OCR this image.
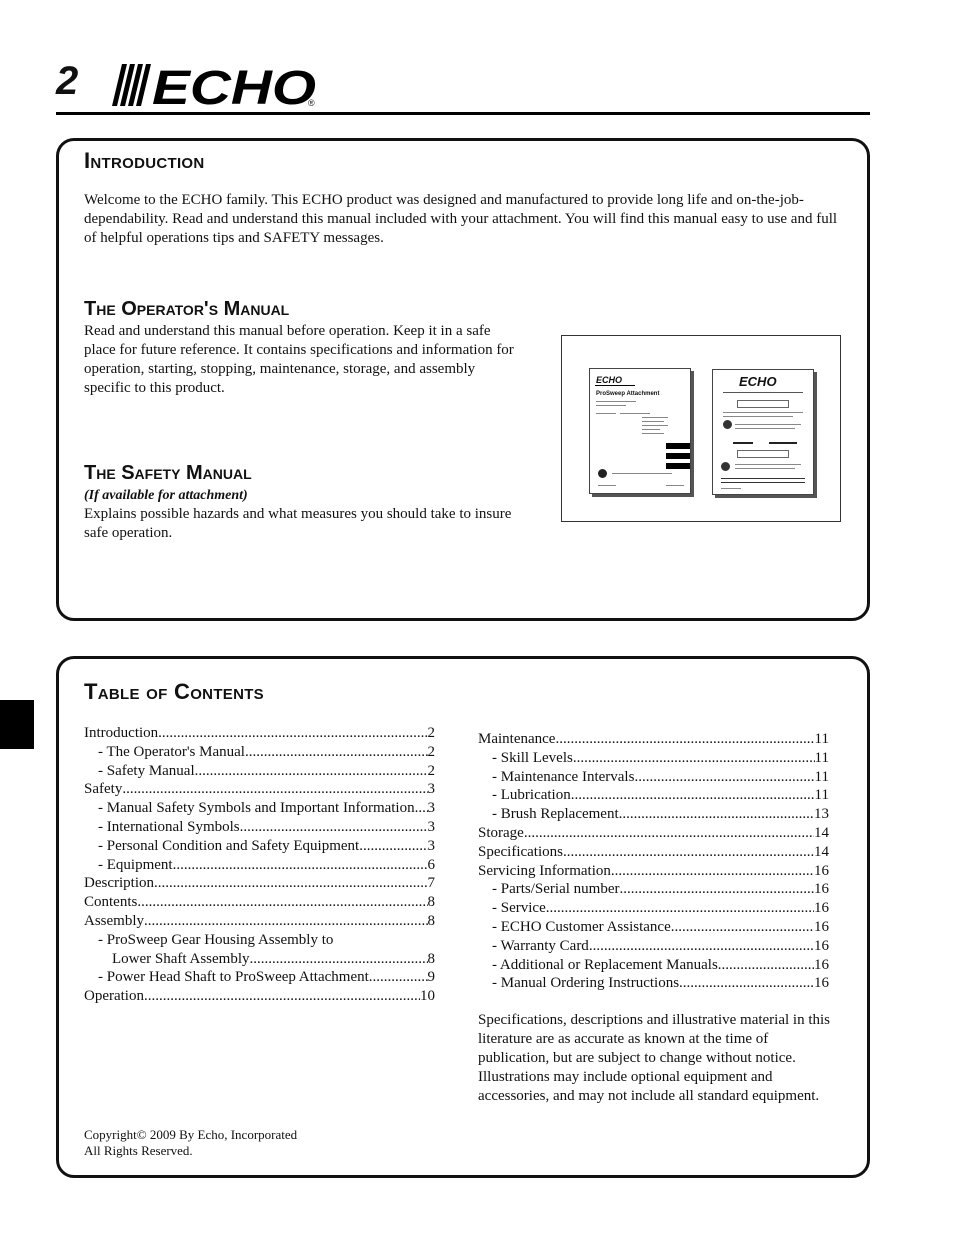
2 ECHO
®
Introduction

Welcome to the ECHO family. This ECHO product was designed and manufactured to provide long life and on-the-job-dependability. Read and understand this manual included with your attachment. You will find this manual easy to use and full of helpful operations tips and SAFETY messages.

The Operator's Manual

Read and understand this manual before operation. Keep it in a safe place for future reference. It contains specifications and information for operation, starting, stopping, maintenance, storage, and assembly specific to this product.

The Safety Manual

(If available for attachment)

Explains possible hazards and what measures you should take to insure safe operation.

ECHO
ProSweep Attachment
ECHO
Table of Contents
Introduction .....	2
- The Operator's Manual .....	2
- Safety Manual .....	2
Safety .....	3
- Manual Safety Symbols and Important Information ..... 3
- International Symbols .....	3
- Personal Condition and Safety Equipment .....	3
- Equipment .....	6
Description .....	7
Contents .....	8
Assembly .....	8
- ProSweep Gear Housing Assembly to
Lower Shaft Assembly .....	8
- Power Head Shaft to ProSweep Attachment .....	9
Operation .....	10
Maintenance .....	11
- Skill Levels .....	11
- Maintenance Intervals .....	11
- Lubrication .....	11
- Brush Replacement .....	13
Storage .....	14
Specifications .....	14
Servicing Information .....	16
- Parts/Serial number .....	16
- Service .....	16
- ECHO Customer Assistance .....	16
- Warranty Card .....	16
- Additional or Replacement Manuals .....	16
- Manual Ordering Instructions .....	16

Specifications, descriptions and illustrative material in this literature are as accurate as known at the time of publication, but are subject to change without notice. Illustrations may include optional equipment and accessories, and may not include all standard equipment.

Copyright© 2009 By Echo, Incorporated
All Rights Reserved.
